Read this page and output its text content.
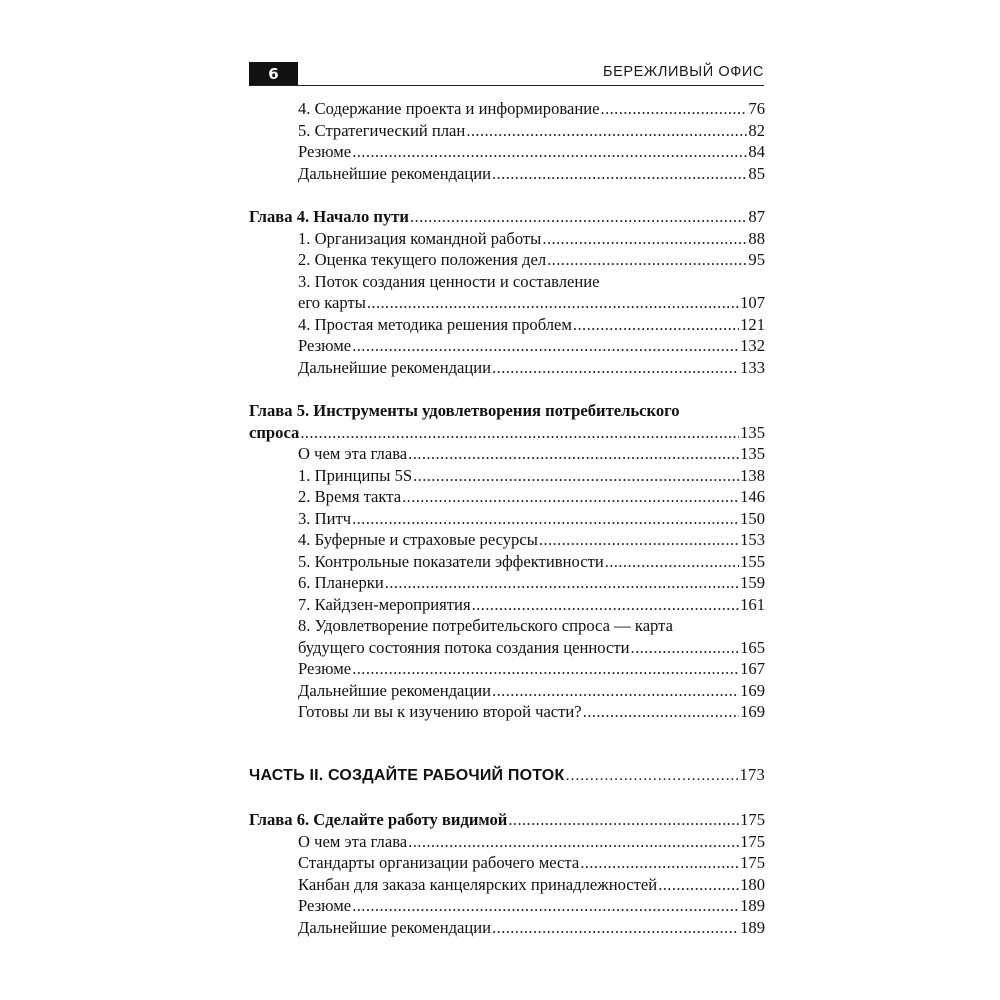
6	БЕРЕЖЛИВЫЙ ОФИС
4. Содержание проекта и информирование .....	76
5. Стратегический план .....	82
Резюме .....	84
Дальнейшие рекомендации .....	85
Глава 4. Начало пути .....	87
1. Организация командной работы .....	88
2. Оценка текущего положения дел .....	95
3. Поток создания ценности и составление
его карты .....	107
4. Простая методика решения проблем .....	121
Резюме .....	132
Дальнейшие рекомендации .....	133
Глава 5. Инструменты удовлетворения потребительского
спроса .....	135
О чем эта глава .....	135
1. Принципы 5S .....	138
2. Время такта .....	146
3. Питч .....	150
4. Буферные и страховые ресурсы .....	153
5. Контрольные показатели эффективности .....	155
6. Планерки .....	159
7. Кайдзен-мероприятия .....	161
8. Удовлетворение потребительского спроса — карта
будущего состояния потока создания ценности .....	165
Резюме .....	167
Дальнейшие рекомендации .....	169
Готовы ли вы к изучению второй части? .....	169
ЧАСТЬ II. СОЗДАЙТЕ РАБОЧИЙ ПОТОК .....	173
Глава 6. Сделайте работу видимой .....	175
О чем эта глава .....	175
Стандарты организации рабочего места .....	175
Канбан для заказа канцелярских принадлежностей .....	180
Резюме .....	189
Дальнейшие рекомендации .....	189
